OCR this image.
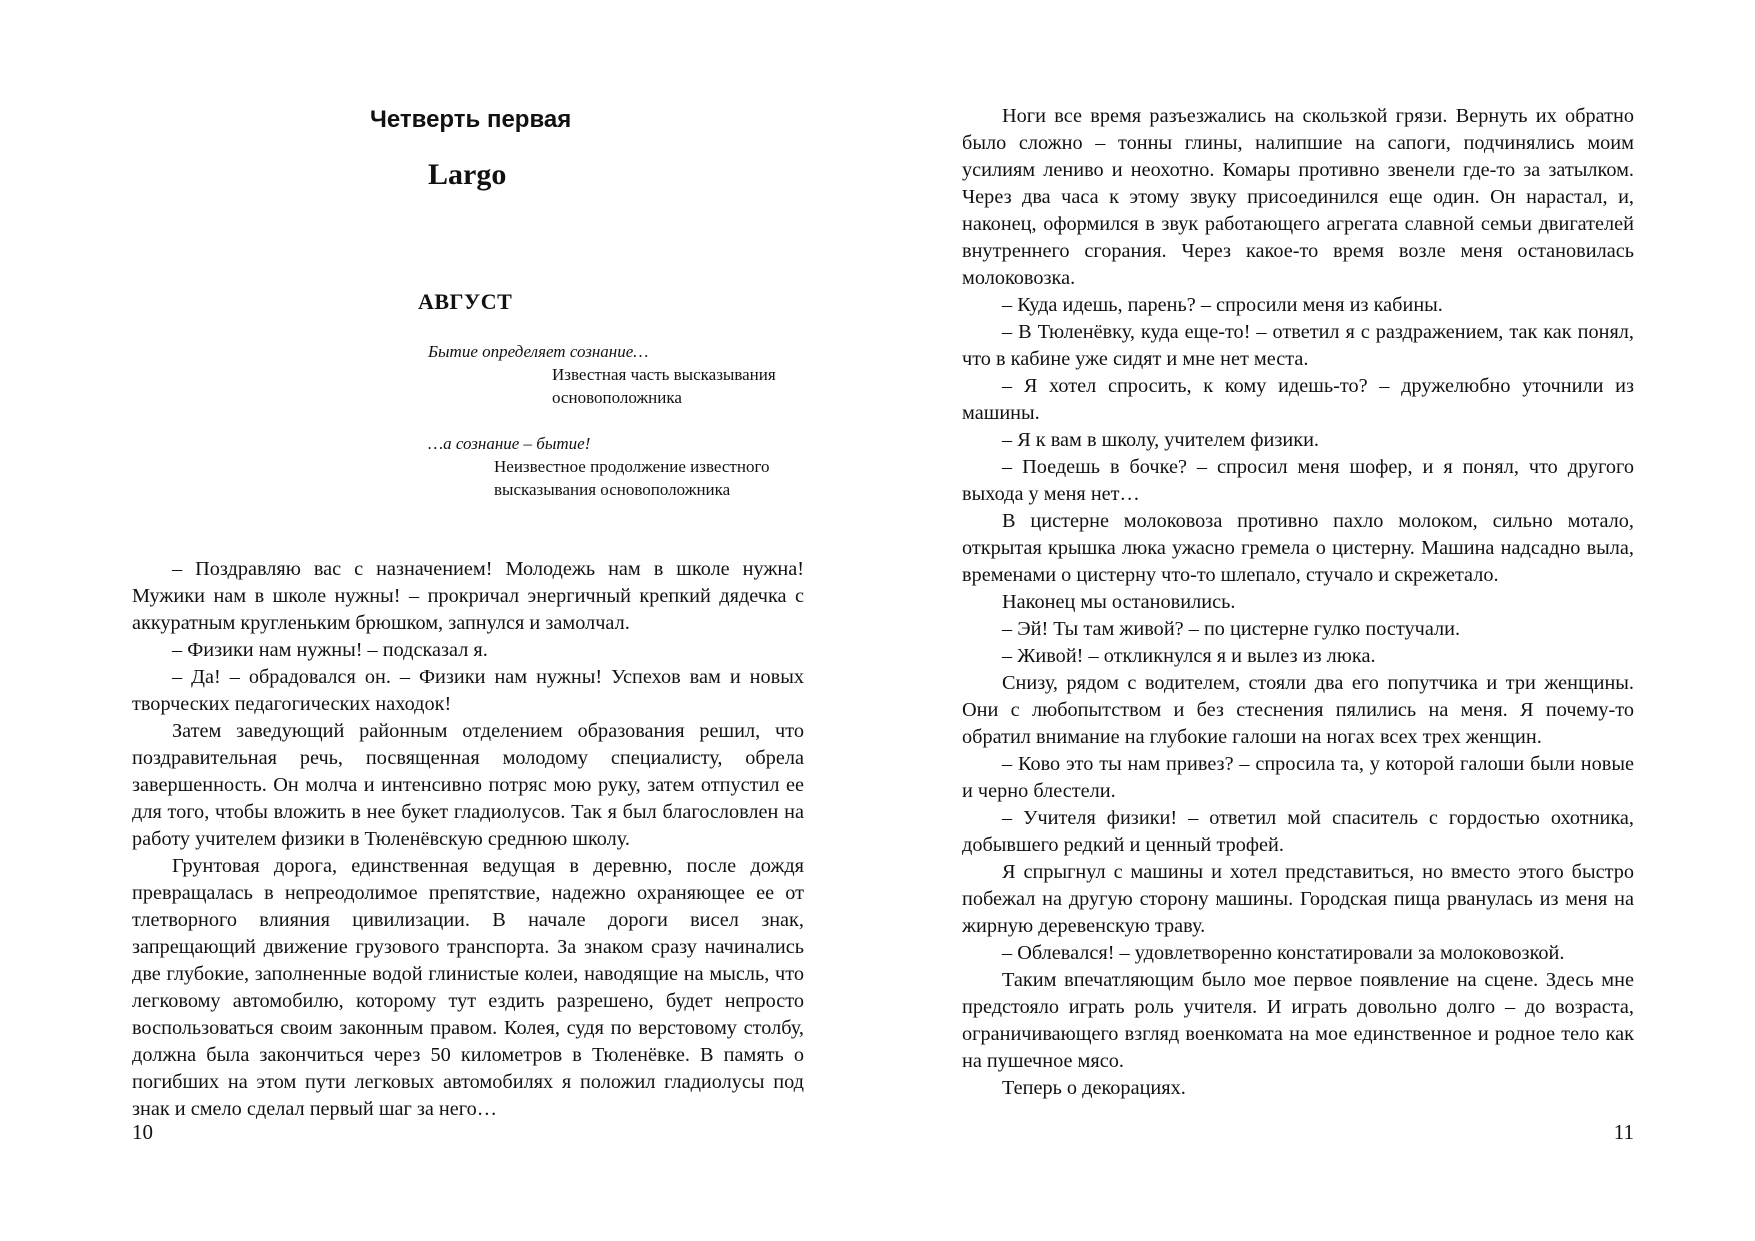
Четверть первая
Largo
АВГУСТ
Бытие определяет сознание…
Известная часть высказывания
основоположника
…а сознание – бытие!
Неизвестное продолжение известного
высказывания основоположника

– Поздравляю вас с назначением! Молодежь нам в школе нужна! Мужики нам в школе нужны! – прокричал энергичный крепкий дядечка с аккуратным кругленьким брюшком, запнулся и замолчал.

– Физики нам нужны! – подсказал я.

– Да! – обрадовался он. – Физики нам нужны! Успехов вам и новых творческих педагогических находок!

Затем заведующий районным отделением образования решил, что поздравительная речь, посвященная молодому специалисту, обрела завершенность. Он молча и интенсивно потряс мою руку, затем отпустил ее для того, чтобы вложить в нее букет гладиолусов. Так я был благословлен на работу учителем физики в Тюленёвскую среднюю школу.

Грунтовая дорога, единственная ведущая в деревню, после дождя превращалась в непреодолимое препятствие, надежно охраняющее ее от тлетворного влияния цивилизации. В начале дороги висел знак, запрещающий движение грузового транспорта. За знаком сразу начинались две глубокие, заполненные водой глинистые колеи, наводящие на мысль, что легковому автомобилю, которому тут ездить разрешено, будет непросто воспользоваться своим законным правом. Колея, судя по верстовому столбу, должна была закончиться через 50 километров в Тюленёвке. В память о погибших на этом пути легковых автомобилях я положил гладиолусы под знак и смело сделал первый шаг за него…

10

Ноги все время разъезжались на скользкой грязи. Вернуть их обратно было сложно – тонны глины, налипшие на сапоги, подчинялись моим усилиям лениво и неохотно. Комары противно звенели где-то за затылком. Через два часа к этому звуку присоединился еще один. Он нарастал, и, наконец, оформился в звук работающего агрегата славной семьи двигателей внутреннего сгорания. Через какое-то время возле меня остановилась молоковозка.

– Куда идешь, парень? – спросили меня из кабины.

– В Тюленёвку, куда еще-то! – ответил я с раздражением, так как понял, что в кабине уже сидят и мне нет места.

– Я хотел спросить, к кому идешь-то? – дружелюбно уточнили из машины.

– Я к вам в школу, учителем физики.

– Поедешь в бочке? – спросил меня шофер, и я понял, что другого выхода у меня нет…

В цистерне молоковоза противно пахло молоком, сильно мотало, открытая крышка люка ужасно гремела о цистерну. Машина надсадно выла, временами о цистерну что-то шлепало, стучало и скрежетало.

Наконец мы остановились.

– Эй! Ты там живой? – по цистерне гулко постучали.

– Живой! – откликнулся я и вылез из люка.

Снизу, рядом с водителем, стояли два его попутчика и три женщины. Они с любопытством и без стеснения пялились на меня. Я почему-то обратил внимание на глубокие галоши на ногах всех трех женщин.

– Ково это ты нам привез? – спросила та, у которой галоши были новые и черно блестели.

– Учителя физики! – ответил мой спаситель с гордостью охотника, добывшего редкий и ценный трофей.

Я спрыгнул с машины и хотел представиться, но вместо этого быстро побежал на другую сторону машины. Городская пища рванулась из меня на жирную деревенскую траву.

– Облевался! – удовлетворенно констатировали за молоковозкой.

Таким впечатляющим было мое первое появление на сцене. Здесь мне предстояло играть роль учителя. И играть довольно долго – до возраста, ограничивающего взгляд военкомата на мое единственное и родное тело как на пушечное мясо.

Теперь о декорациях.

11
